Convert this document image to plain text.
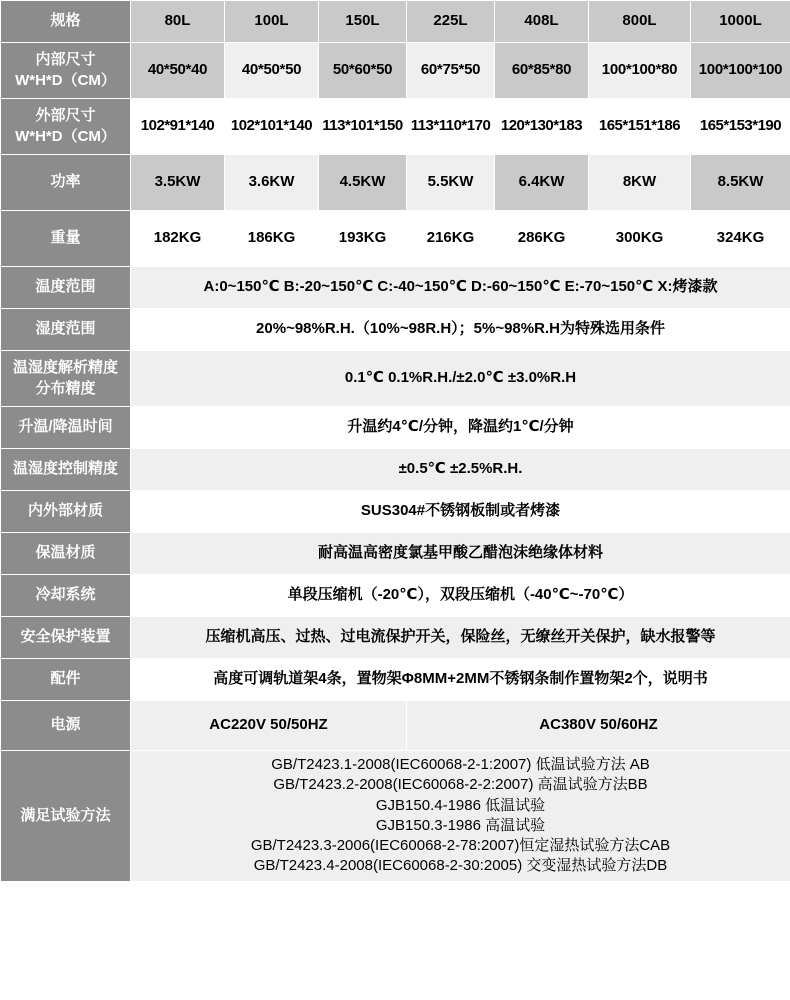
规格	80L	100L	150L	225L	408L	800L	1000L

内部尺寸
W*H*D（CM）	40*50*40	40*50*50	50*60*50	60*75*50	60*85*80	100*100*80	100*100*100

外部尺寸
W*H*D（CM）	102*91*140	102*101*140	113*101*150	113*110*170	120*130*183	165*151*186	165*153*190
功率	3.5KW	3.6KW	4.5KW	5.5KW	6.4KW	8KW	8.5KW
重量	182KG	186KG	193KG	216KG	286KG	300KG	324KG
温度范围	A:0~150℃ B:-20~150℃ C:-40~150℃ D:-60~150℃ E:-70~150℃ X:烤漆款						
湿度范围	20%~98%R.H.（10%~98R.H）；5%~98%R.H为特殊选用条件						

温湿度解析精度
分布精度	0.1℃ 0.1%R.H./±2.0℃ ±3.0%R.H						
升温/降温时间	升温约4℃/分钟，降温约1℃/分钟						
温湿度控制精度	±0.5℃ ±2.5%R.H.						
内外部材质	SUS304#不锈钢板制或者烤漆						
保温材质	耐高温高密度氯基甲酸乙醋泡沫绝缘体材料						
冷却系统	单段压缩机（-20℃），双段压缩机（-40℃~-70℃）						
安全保护装置	压缩机高压、过热、过电流保护开关，保险丝，无缭丝开关保护，缺水报警等						
配件	高度可调轨道架4条，置物架Φ8MM+2MM不锈钢条制作置物架2个，说明书						
电源	AC220V 50/50HZ			AC380V 50/60HZ			
满足试验方法	
GB/T2423.1-2008(IEC60068-2-1:2007) 低温试验方法 AB
GB/T2423.2-2008(IEC60068-2-2:2007) 高温试验方法BB
GJB150.4-1986 低温试验
GJB150.3-1986 高温试验
GB/T2423.3-2006(IEC60068-2-78:2007)恒定湿热试验方法CAB
GB/T2423.4-2008(IEC60068-2-30:2005) 交变湿热试验方法DB
